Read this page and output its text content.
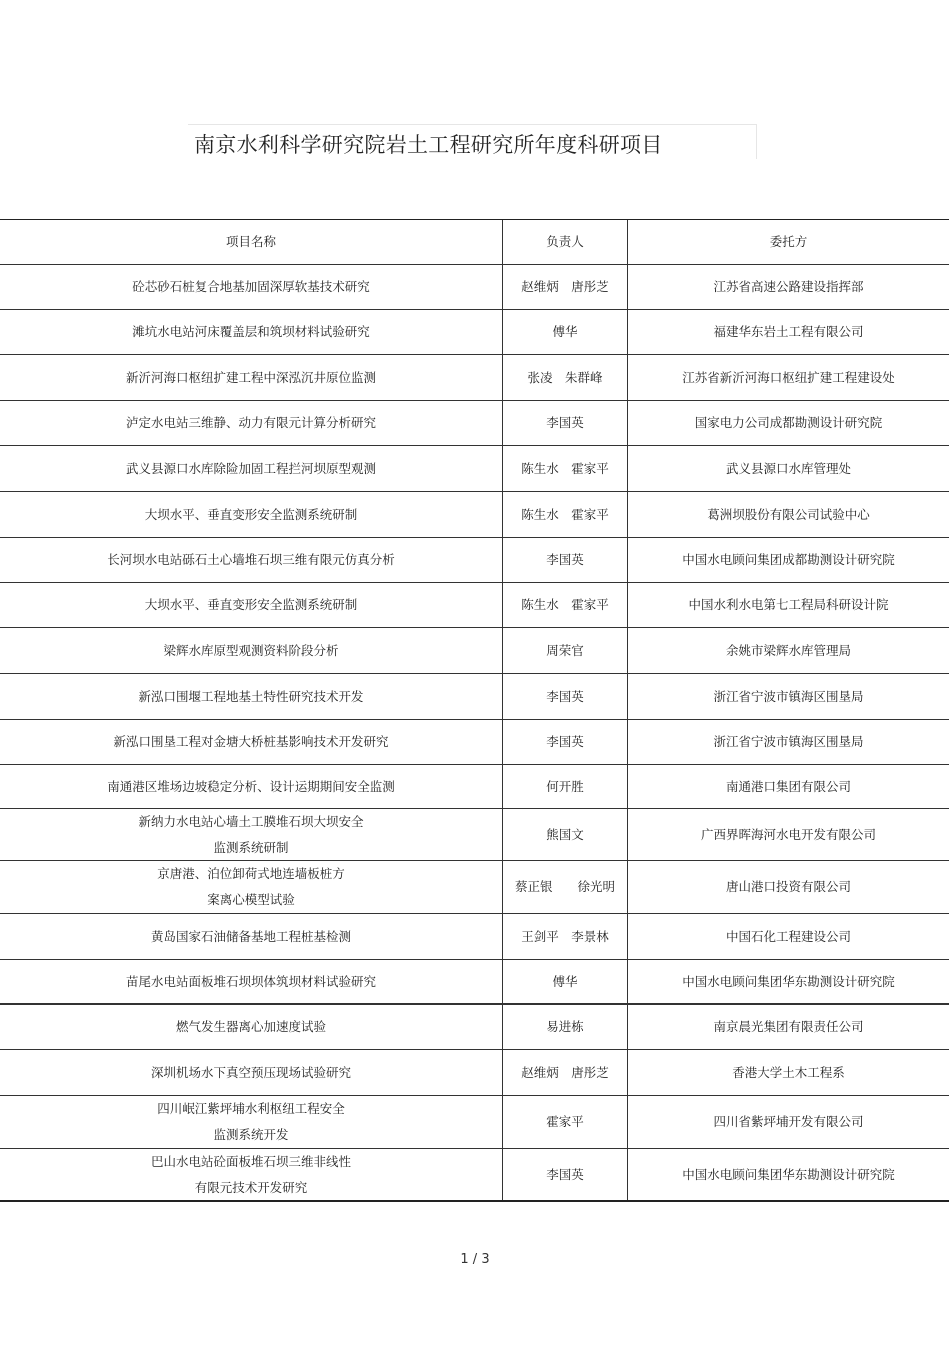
南京水利科学研究院岩土工程研究所年度科研项目
项目名称	负责人	委托方
砼芯砂石桩复合地基加固深厚软基技术研究	赵维炳　唐彤芝	江苏省高速公路建设指挥部
滩坑水电站河床覆盖层和筑坝材料试验研究	傅华	福建华东岩土工程有限公司
新沂河海口枢纽扩建工程中深泓沉井原位监测	张凌　朱群峰	江苏省新沂河海口枢纽扩建工程建设处
泸定水电站三维静、动力有限元计算分析研究	李国英	国家电力公司成都勘测设计研究院
武义县源口水库除险加固工程拦河坝原型观测	陈生水　霍家平	武义县源口水库管理处
大坝水平、垂直变形安全监测系统研制	陈生水　霍家平	葛洲坝股份有限公司试验中心
长河坝水电站砾石土心墙堆石坝三维有限元仿真分析	李国英	中国水电顾问集团成都勘测设计研究院
大坝水平、垂直变形安全监测系统研制	陈生水　霍家平	中国水利水电第七工程局科研设计院
梁辉水库原型观测资料阶段分析	周荣官	余姚市梁辉水库管理局
新泓口围堰工程地基土特性研究技术开发	李国英	浙江省宁波市镇海区围垦局
新泓口围垦工程对金塘大桥桩基影响技术开发研究	李国英	浙江省宁波市镇海区围垦局
南通港区堆场边坡稳定分析、设计运期期间安全监测	何开胜	南通港口集团有限公司
新纳力水电站心墙土工膜堆石坝大坝安全
监测系统研制
熊国文	广西界晖海河水电开发有限公司
京唐港、泊位卸荷式地连墙板桩方
案离心模型试验
蔡正银　　徐光明	唐山港口投资有限公司
黄岛国家石油储备基地工程桩基检测	王剑平　李景林	中国石化工程建设公司
苗尾水电站面板堆石坝坝体筑坝材料试验研究	傅华	中国水电顾问集团华东勘测设计研究院
燃气发生器离心加速度试验	易进栋	南京晨光集团有限责任公司
深圳机场水下真空预压现场试验研究	赵维炳　唐彤芝	香港大学土木工程系
四川岷江紫坪埔水利枢纽工程安全
监测系统开发
霍家平	四川省紫坪埔开发有限公司
巴山水电站砼面板堆石坝三维非线性
有限元技术开发研究
李国英	中国水电顾问集团华东勘测设计研究院
1 / 3
